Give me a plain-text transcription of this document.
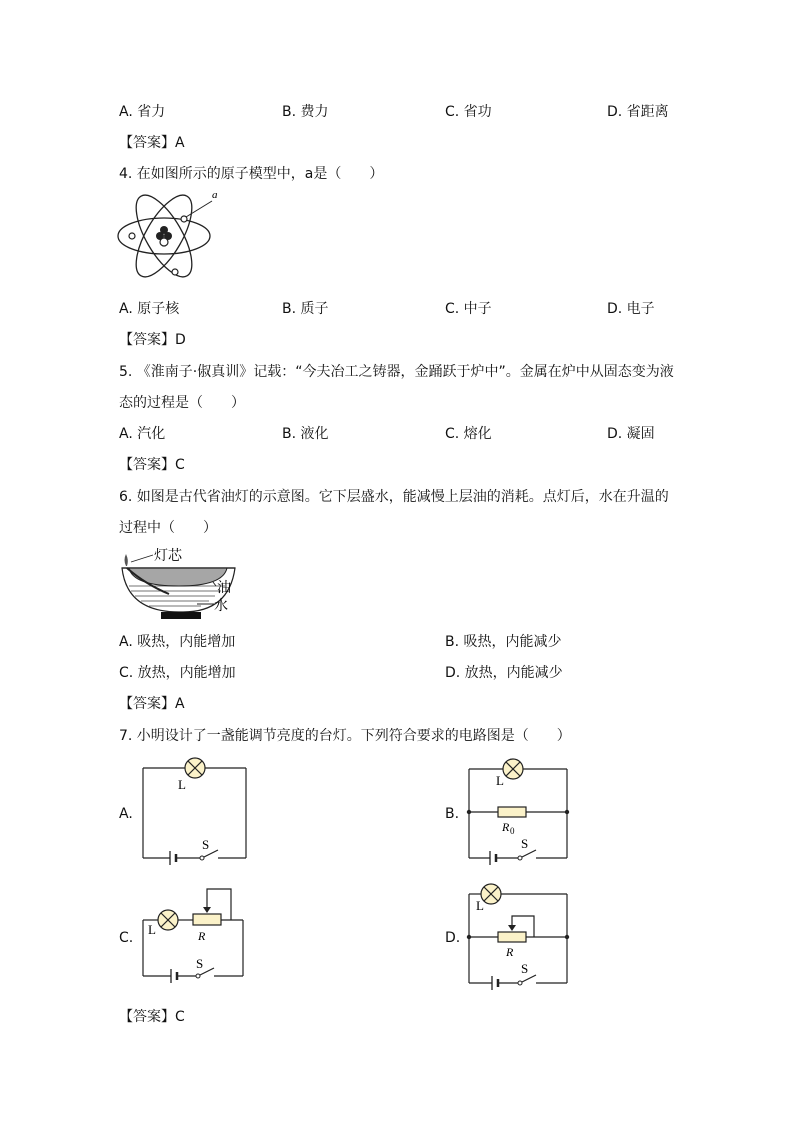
A. 省力	B. 费力	C. 省功	D. 省距离
【答案】A
4. 在如图所示的原子模型中，a是（　　）
a
A. 原子核	B. 质子	C. 中子	D. 电子
【答案】D
5. 《淮南子·俶真训》记载：“今夫冶工之铸器，金踊跃于炉中”。金属在炉中从固态变为液
态的过程是（　　）
A. 汽化	B. 液化	C. 熔化	D. 凝固
【答案】C
6. 如图是古代省油灯的示意图。它下层盛水，能减慢上层油的消耗。点灯后，水在升温的
过程中（　　）
灯芯
油
水
A. 吸热，内能增加	B. 吸热，内能减少
C. 放热，内能增加	D. 放热，内能减少
【答案】A
7. 小明设计了一盏能调节亮度的台灯。下列符合要求的电路图是（　　）
A.
L
S
B.
L
R 0
S
C.
L	R
S
D.
L
R
S
【答案】C
